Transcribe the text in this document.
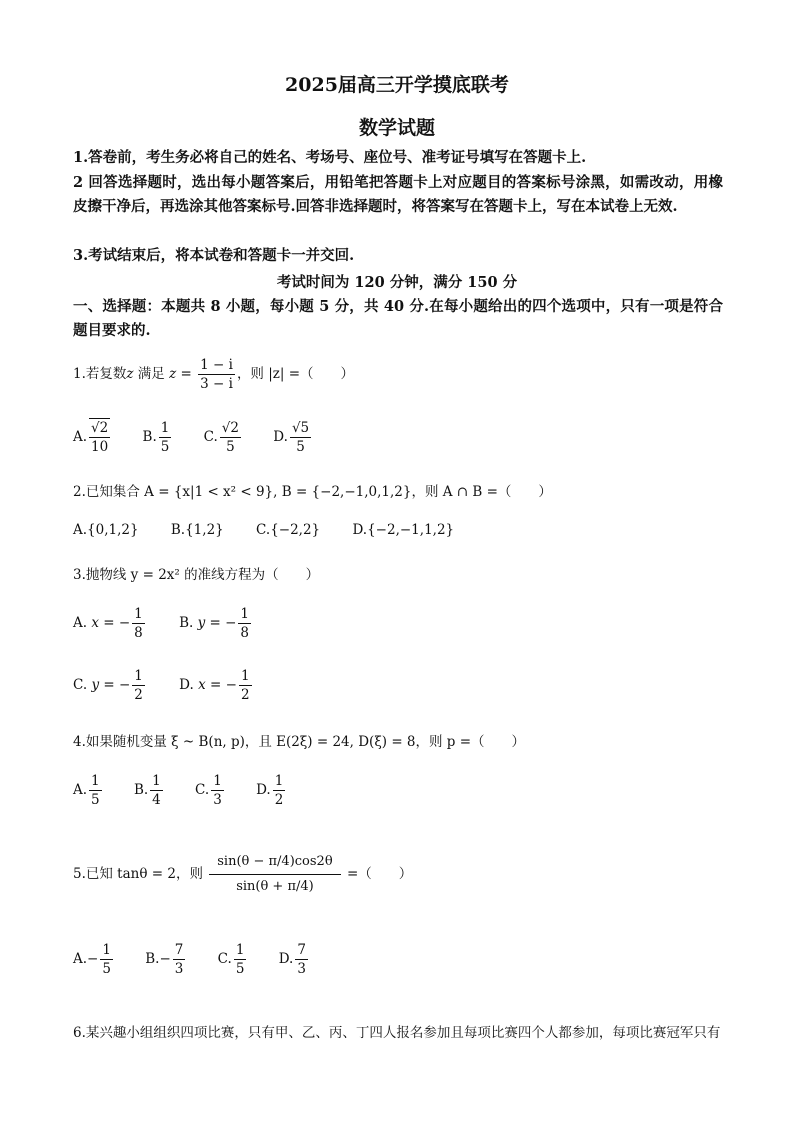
2025届高三开学摸底联考
数学试题
1.答卷前，考生务必将自己的姓名、考场号、座位号、准考证号填写在答题卡上.
2 回答选择题时，选出每小题答案后，用铅笔把答题卡上对应题目的答案标号涂黑，如需改动，用橡皮擦干净后，再选涂其他答案标号.回答非选择题时，将答案写在答题卡上，写在本试卷上无效.
3.考试结束后，将本试卷和答题卡一并交回.
考试时间为 120 分钟，满分 150 分
一、选择题：本题共 8 小题，每小题 5 分，共 40 分.在每小题给出的四个选项中，只有一项是符合题目要求的.
1.若复数z 满足 $z = \frac{1 - i}{3 - i}$ ，则 |z| =（　　）
A. $\frac{√2}{10} B$. $\frac{1}{5} C$. $\frac{√2}{5} D$. $\frac{√5}{5}$
2.已知集合 A = {x|1 < x² < 9}, B = {−2,−1,0,1,2}，则 A ∩ B =（　　）
A.{0,1,2} B.{1,2} C.{−2,2} D.{−2,−1,1,2}
3.抛物线 y = 2x² 的准线方程为（　　）
A. x = − $\frac{1}{8}$	B. y = − $\frac{1}{8}$
C. y = − $\frac{1}{2}$	D. x = − $\frac{1}{2}$
4.如果随机变量 ξ ~ B(n, p)，且 E(2ξ) = 24, D(ξ) = 8，则 p =（　　）
A. $\frac{1}{5} B$. $\frac{1}{4} C$. $\frac{1}{3} D$. $\frac{1}{2}$
5.已知 tanθ = 2，则 $\frac{\sin(\theta - \pi/4)\cos 2\theta}{\sin(\theta + \pi/4)}$ =（　　）
$A.- \frac{1}{5} B.- \frac{7}{3} C$. $\frac{1}{5} D$. $\frac{7}{3}$
6.某兴趣小组组织四项比赛，只有甲、乙、丙、丁四人报名参加且每项比赛四个人都参加，每项比赛冠军只有
